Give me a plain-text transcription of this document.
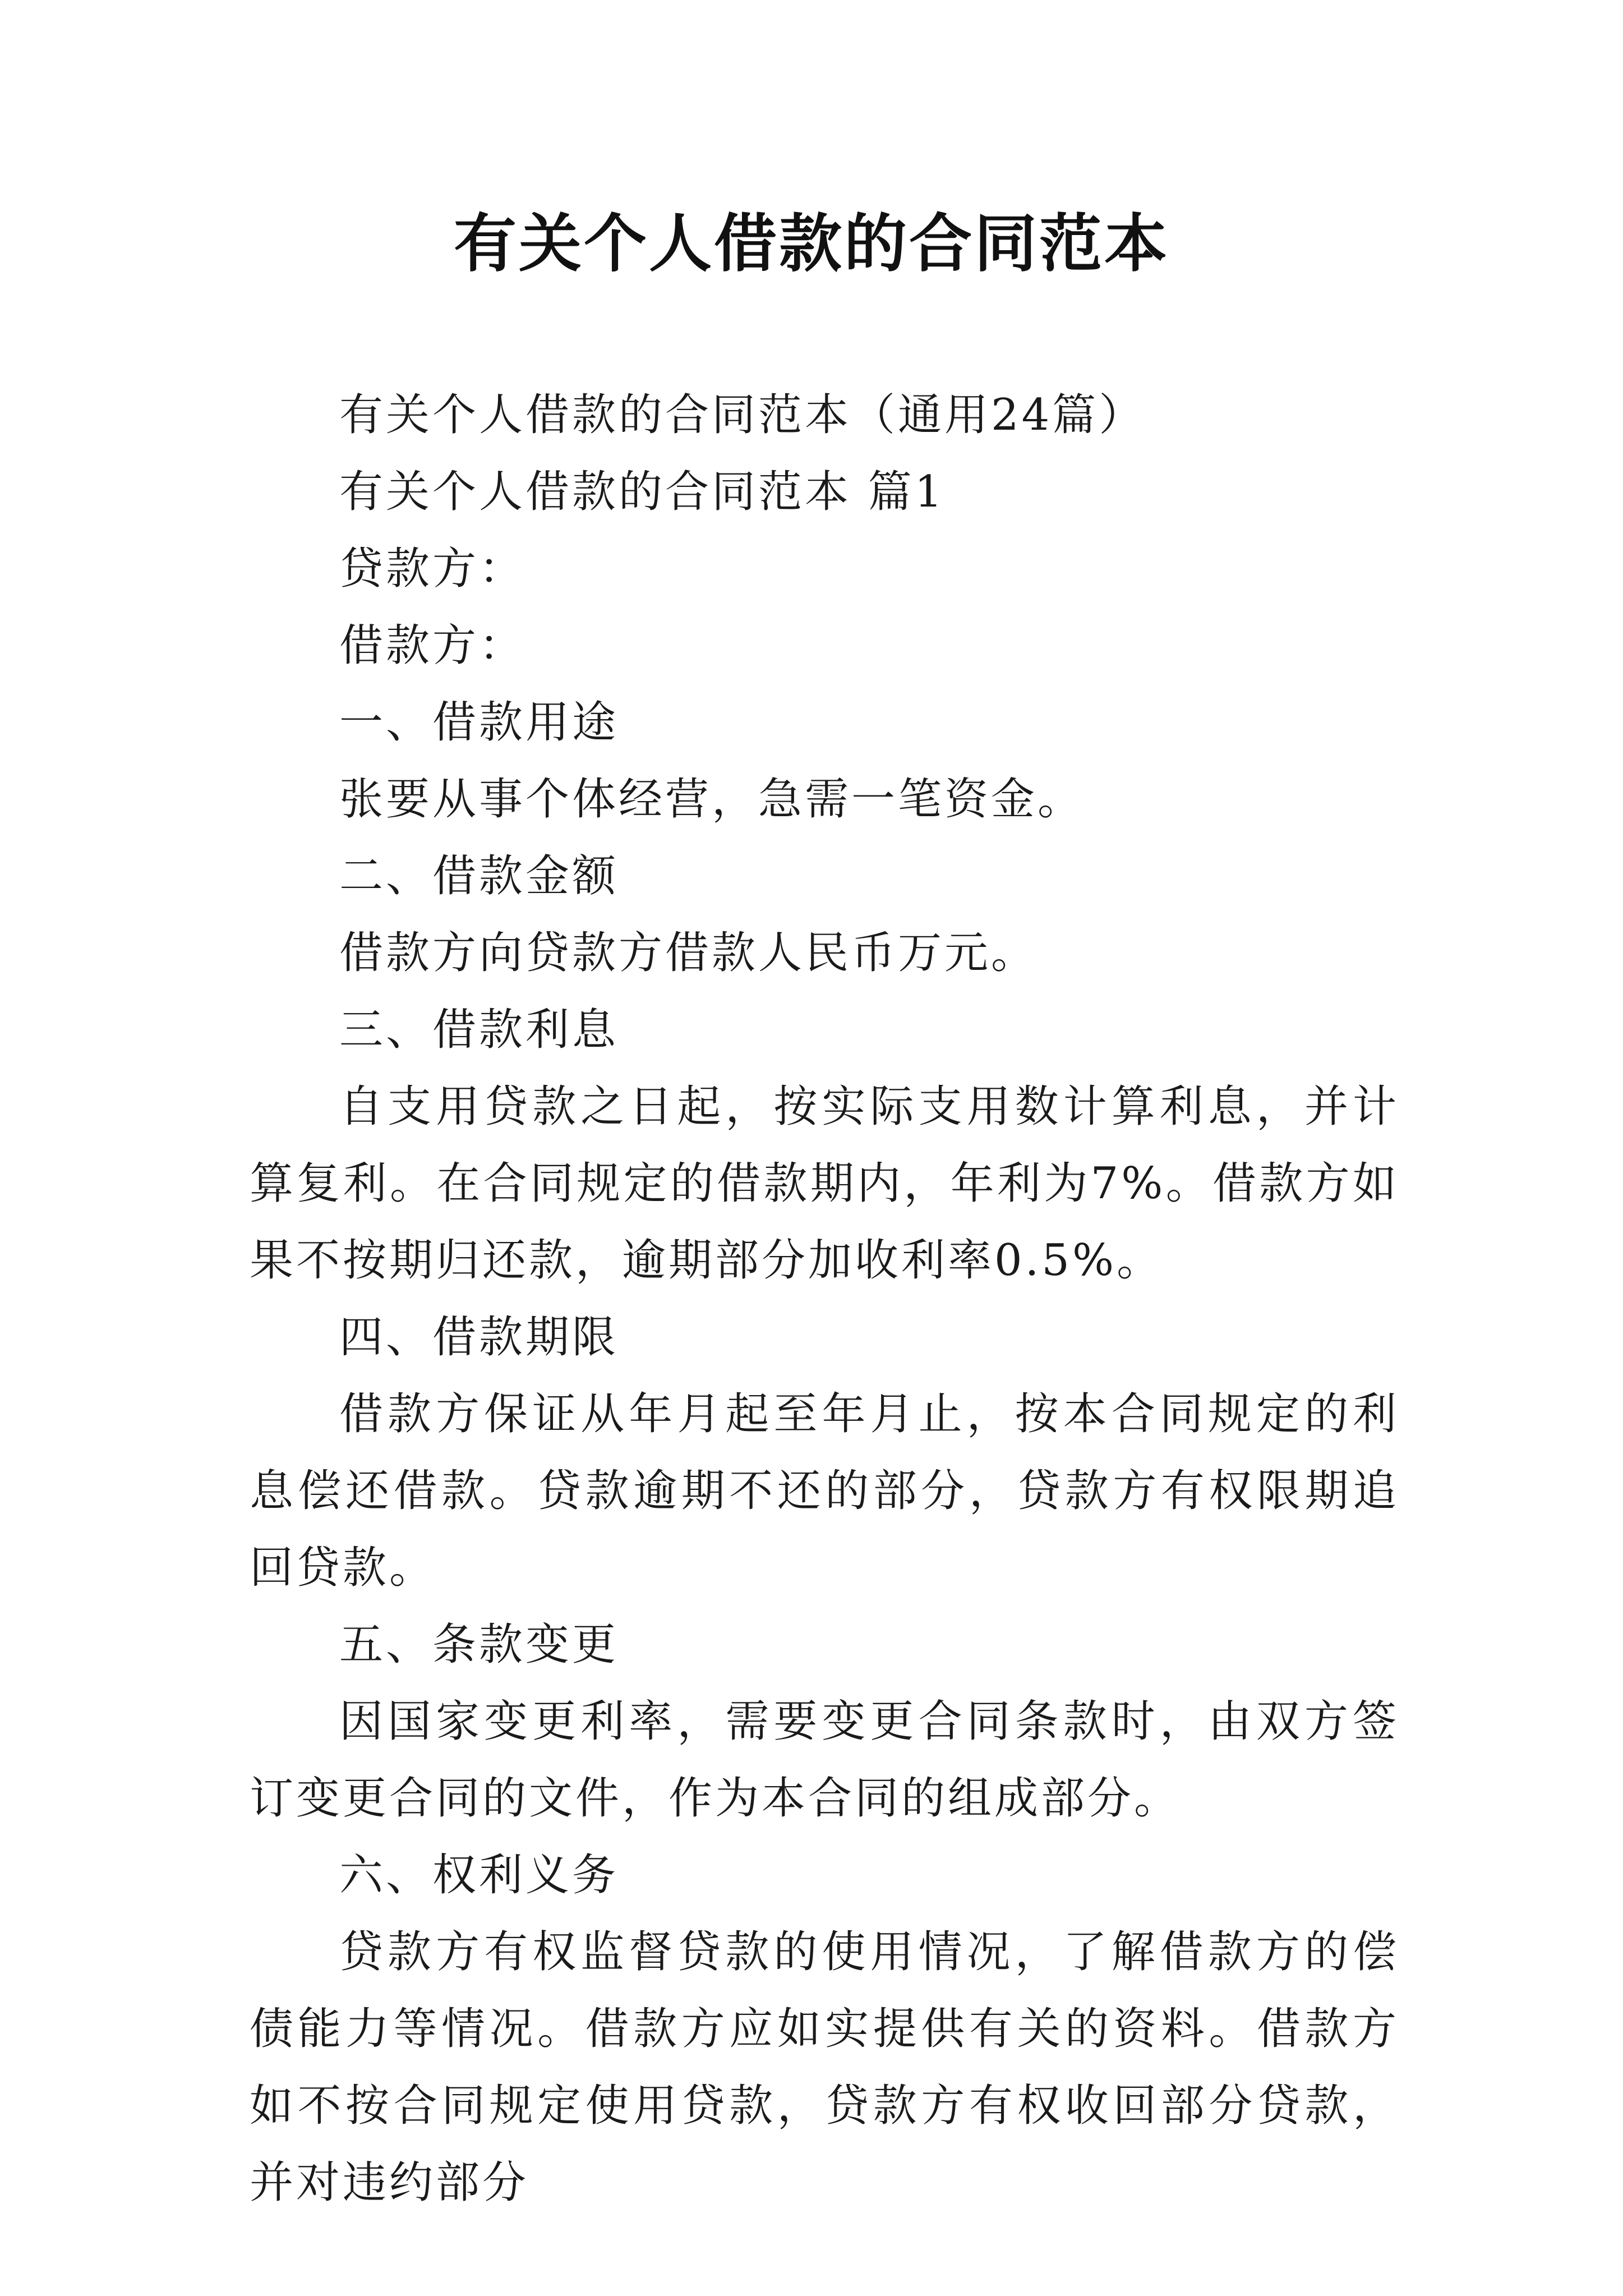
有关个人借款的合同范本

有关个人借款的合同范本（通用24篇）

有关个人借款的合同范本 篇1

贷款方：

借款方：

一、借款用途

张要从事个体经营，急需一笔资金。

二、借款金额

借款方向贷款方借款人民币万元。

三、借款利息

自支用贷款之日起，按实际支用数计算利息，并计算复利。在合同规定的借款期内，年利为7%。借款方如果不按期归还款，逾期部分加收利率0.5%。

四、借款期限

借款方保证从年月起至年月止，按本合同规定的利息偿还借款。贷款逾期不还的部分，贷款方有权限期追回贷款。

五、条款变更

因国家变更利率，需要变更合同条款时，由双方签订变更合同的文件，作为本合同的组成部分。

六、权利义务

贷款方有权监督贷款的使用情况，了解借款方的偿债能力等情况。借款方应如实提供有关的资料。借款方如不按合同规定使用贷款，贷款方有权收回部分贷款，并对违约部分
